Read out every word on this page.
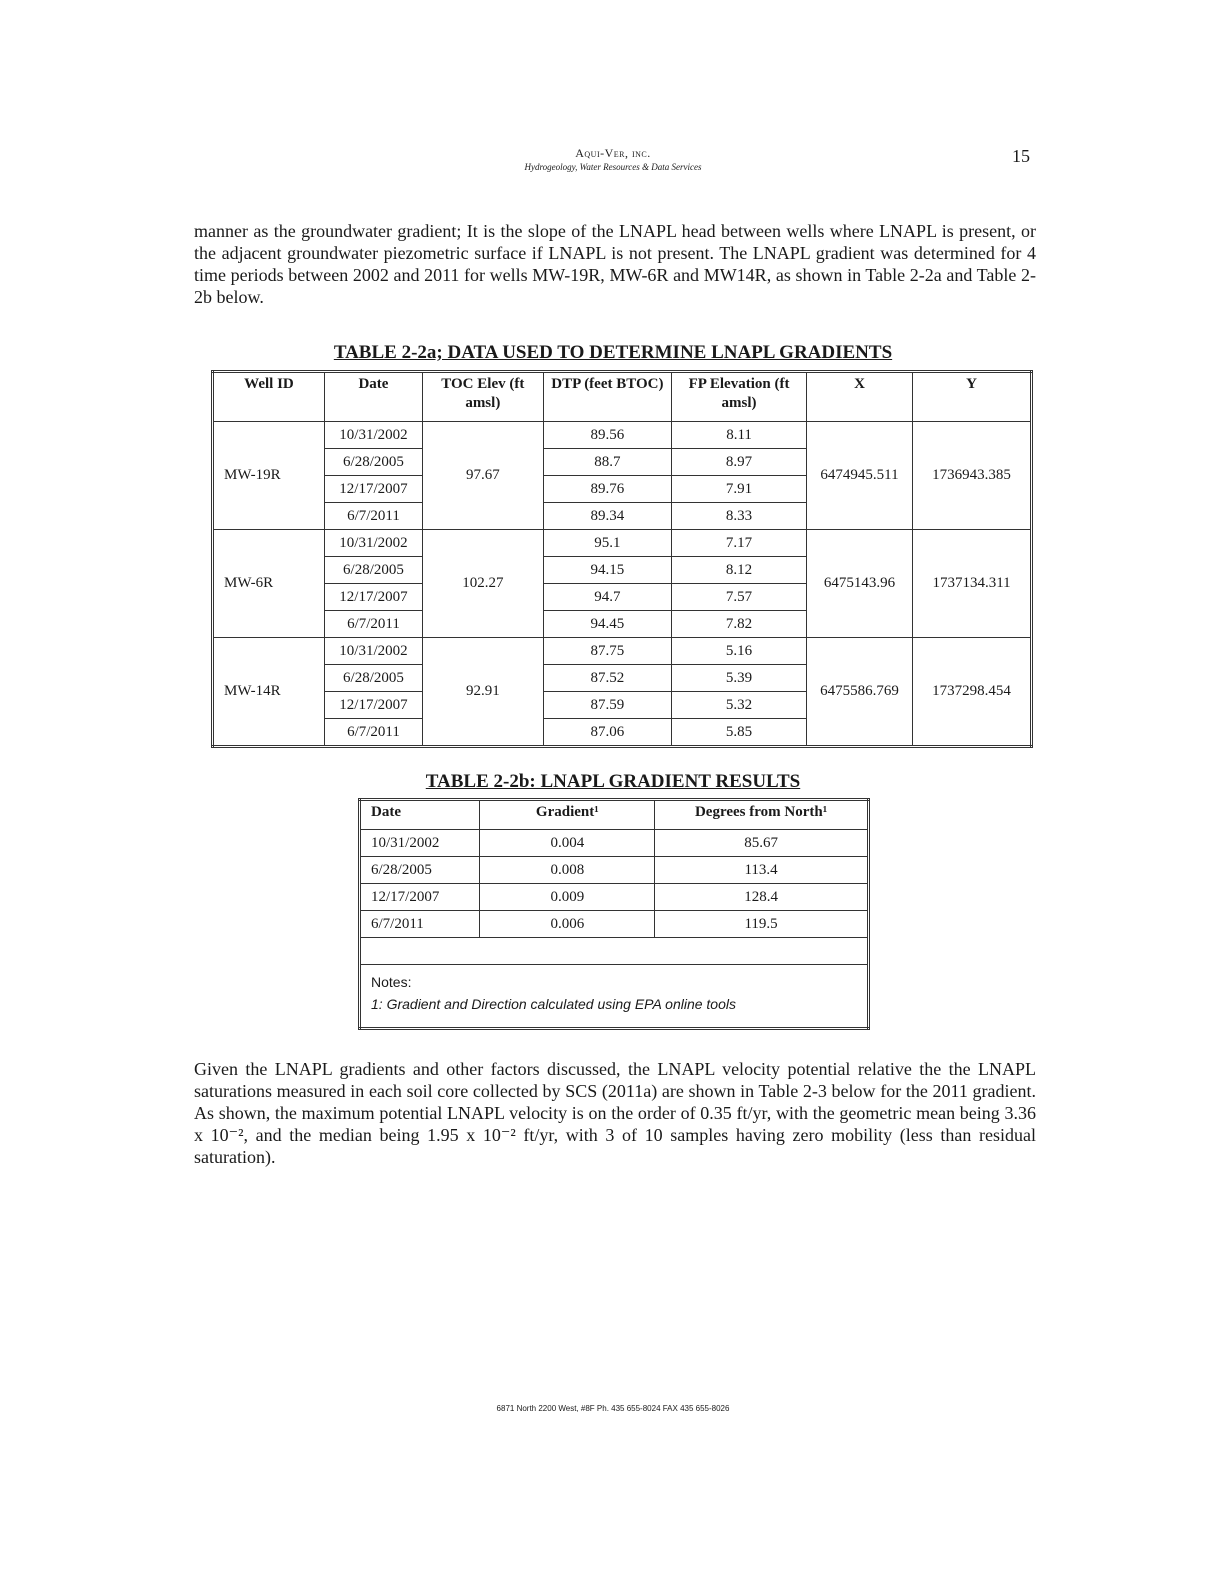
Aqui-Ver, inc.
Hydrogeology, Water Resources & Data Services
15
manner as the groundwater gradient; It is the slope of the LNAPL head between wells where LNAPL is present, or the adjacent groundwater piezometric surface if LNAPL is not present. The LNAPL gradient was determined for 4 time periods between 2002 and 2011 for wells MW-19R, MW-6R and MW14R, as shown in Table 2-2a and Table 2-2b below.
TABLE 2-2a; DATA USED TO DETERMINE LNAPL GRADIENTS
Well ID	Date	TOC Elev (ft amsl)	DTP (feet BTOC)	FP Elevation (ft amsl)	X	Y
MW-19R	10/31/2002	97.67	89.56	8.11	6474945.511	1736943.385
	6/28/2005		88.7	8.97		
	12/17/2007		89.76	7.91		
	6/7/2011		89.34	8.33		
MW-6R	10/31/2002	102.27	95.1	7.17	6475143.96	1737134.311
	6/28/2005		94.15	8.12		
	12/17/2007		94.7	7.57		
	6/7/2011		94.45	7.82		
MW-14R	10/31/2002	92.91	87.75	5.16	6475586.769	1737298.454
	6/28/2005		87.52	5.39		
	12/17/2007		87.59	5.32		
	6/7/2011		87.06	5.85		
TABLE 2-2b: LNAPL GRADIENT RESULTS
Date	Gradient¹	Degrees from North¹
10/31/2002	0.004	85.67
6/28/2005	0.008	113.4
12/17/2007	0.009	128.4
6/7/2011	0.006	119.5

Notes:
1: Gradient and Direction calculated using EPA online tools		
Given the LNAPL gradients and other factors discussed, the LNAPL velocity potential relative the the LNAPL saturations measured in each soil core collected by SCS (2011a) are shown in Table 2-3 below for the 2011 gradient. As shown, the maximum potential LNAPL velocity is on the order of 0.35 ft/yr, with the geometric mean being 3.36 x 10⁻², and the median being 1.95 x 10⁻² ft/yr, with 3 of 10 samples having zero mobility (less than residual saturation).
6871 North 2200 West, #8F Ph. 435 655-8024 FAX 435 655-8026
